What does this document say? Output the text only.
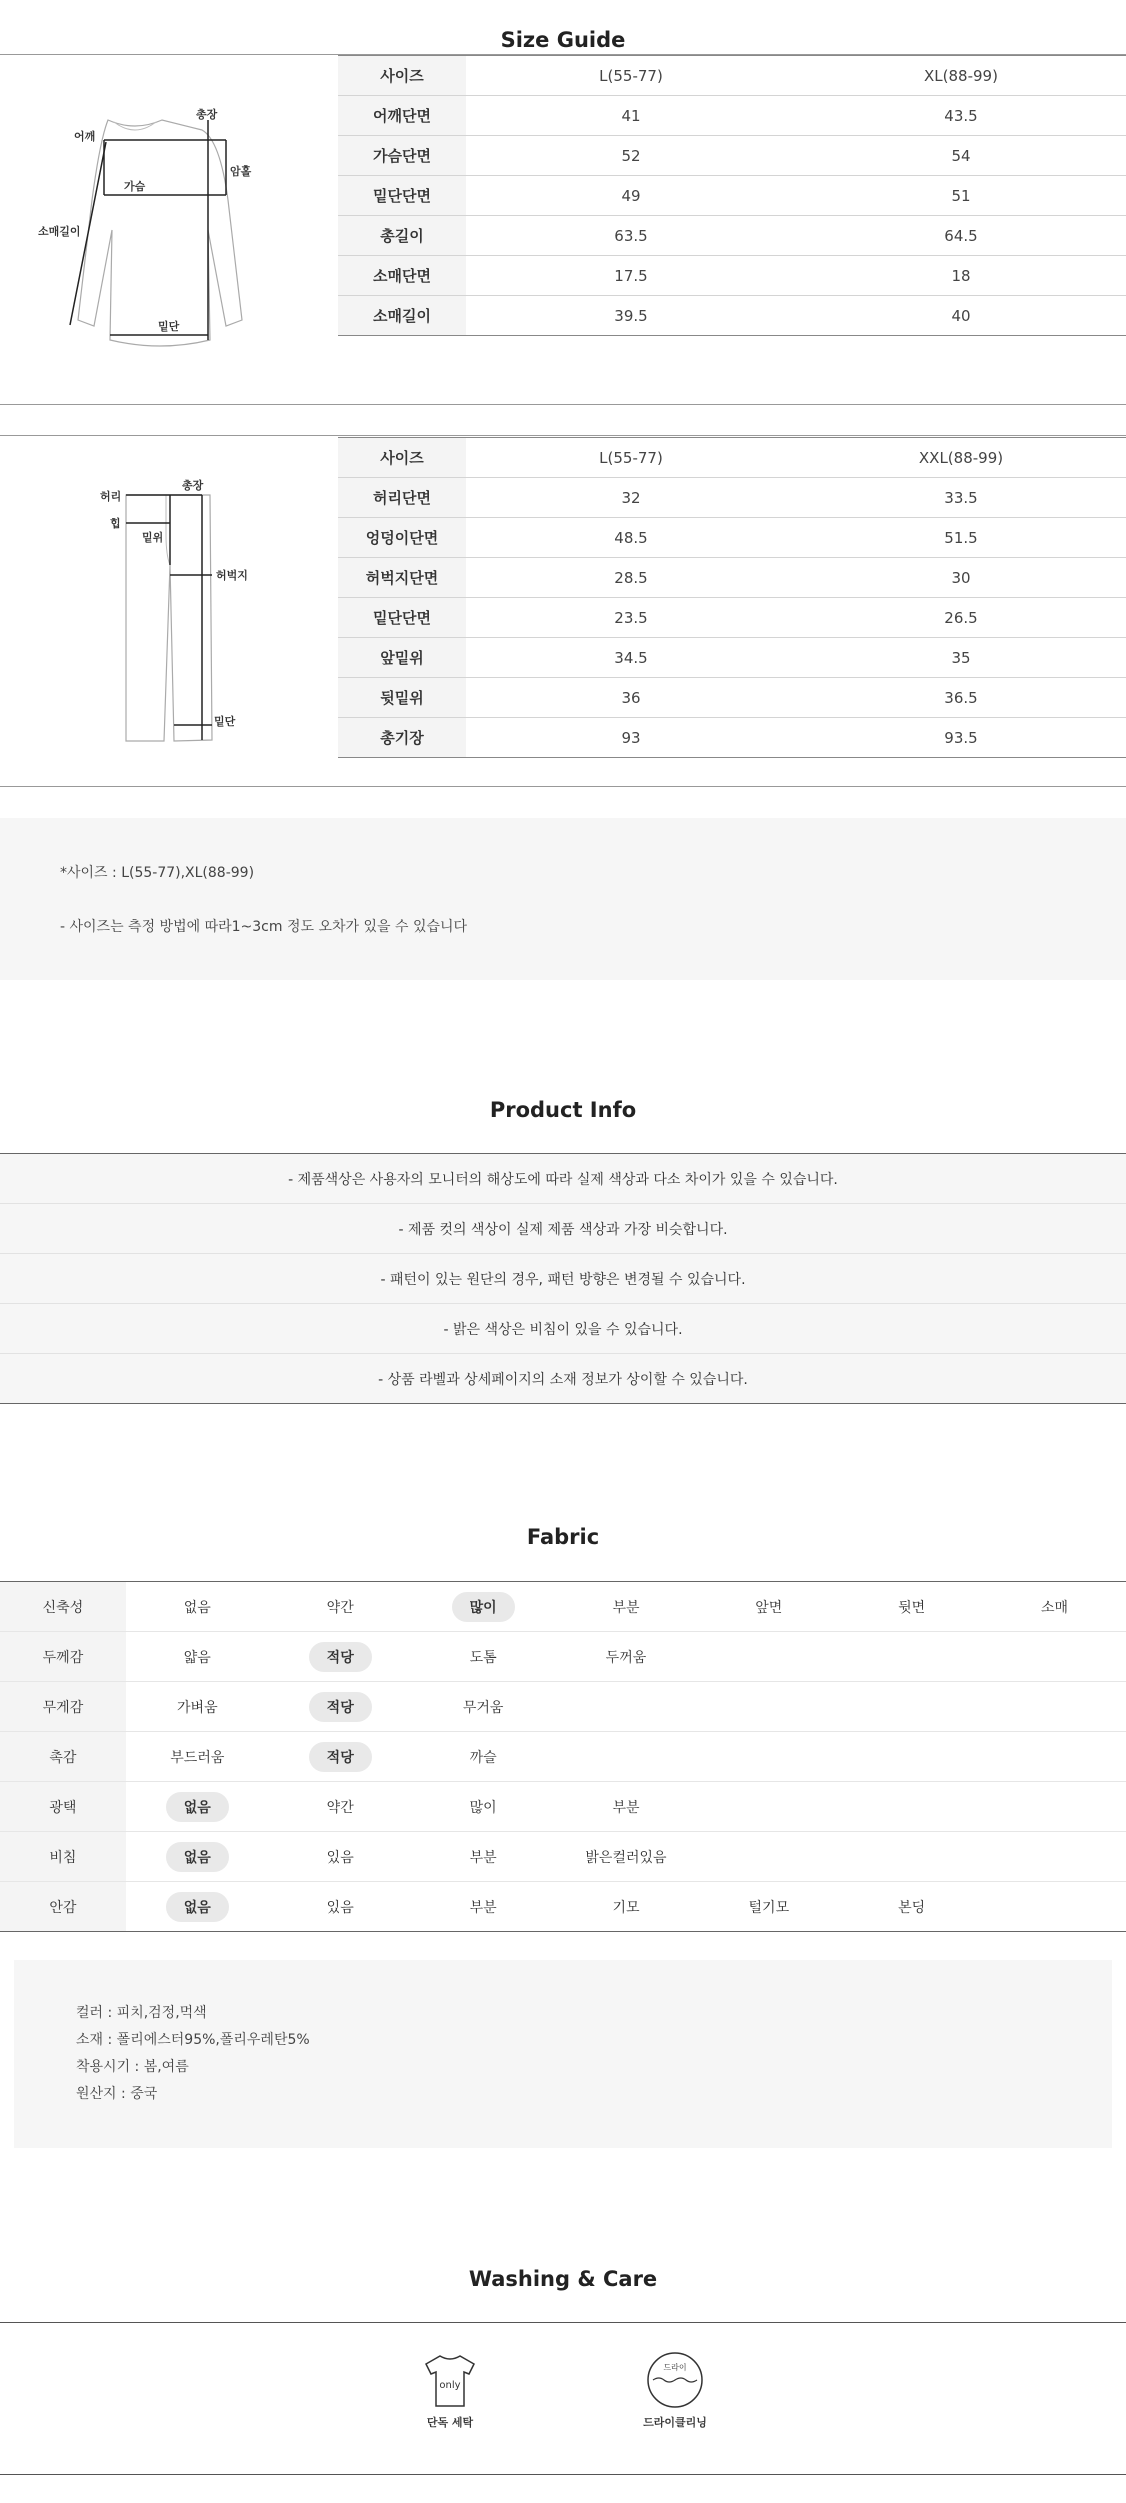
Size Guide
어깨
총장
가슴
암홀
소매길이
밑단
사이즈	L(55-77)	XL(88-99)
어깨단면	41	43.5
가슴단면	52	54
밑단단면	49	51
총길이	63.5	64.5
소매단면	17.5	18
소매길이	39.5	40
허리
총장
힙
밑위
허벅지
밑단
사이즈	L(55-77)	XXL(88-99)
허리단면	32	33.5
엉덩이단면	48.5	51.5
허벅지단면	28.5	30
밑단단면	23.5	26.5
앞밑위	34.5	35
뒷밑위	36	36.5
총기장	93	93.5
*사이즈 : L(55-77),XL(88-99)
- 사이즈는 측정 방법에 따라1~3cm 정도 오차가 있을 수 있습니다
Product Info
- 제품색상은 사용자의 모니터의 해상도에 따라 실제 색상과 다소 차이가 있을 수 있습니다.
- 제품 컷의 색상이 실제 제품 색상과 가장 비슷합니다.
- 패턴이 있는 원단의 경우, 패턴 방향은 변경될 수 있습니다.
- 밝은 색상은 비침이 있을 수 있습니다.
- 상품 라벨과 상세페이지의 소재 정보가 상이할 수 있습니다.
Fabric
신축성	없음	약간	많이	부분	앞면	뒷면	소매
두께감	얇음	적당	도톰	두꺼움			
무게감	가벼움	적당	무거움				
촉감	부드러움	적당	까슬				
광택	없음	약간	많이	부분			
비침	없음	있음	부분	밝은컬러있음			
안감	없음	있음	부분	기모	털기모	본딩	
컬러 : 피치,검정,먹색
소재 : 폴리에스터95%,폴리우레탄5%
착용시기 : 봄,여름
원산지 : 중국
Washing & Care
only
단독 세탁
드라이
드라이클리닝
